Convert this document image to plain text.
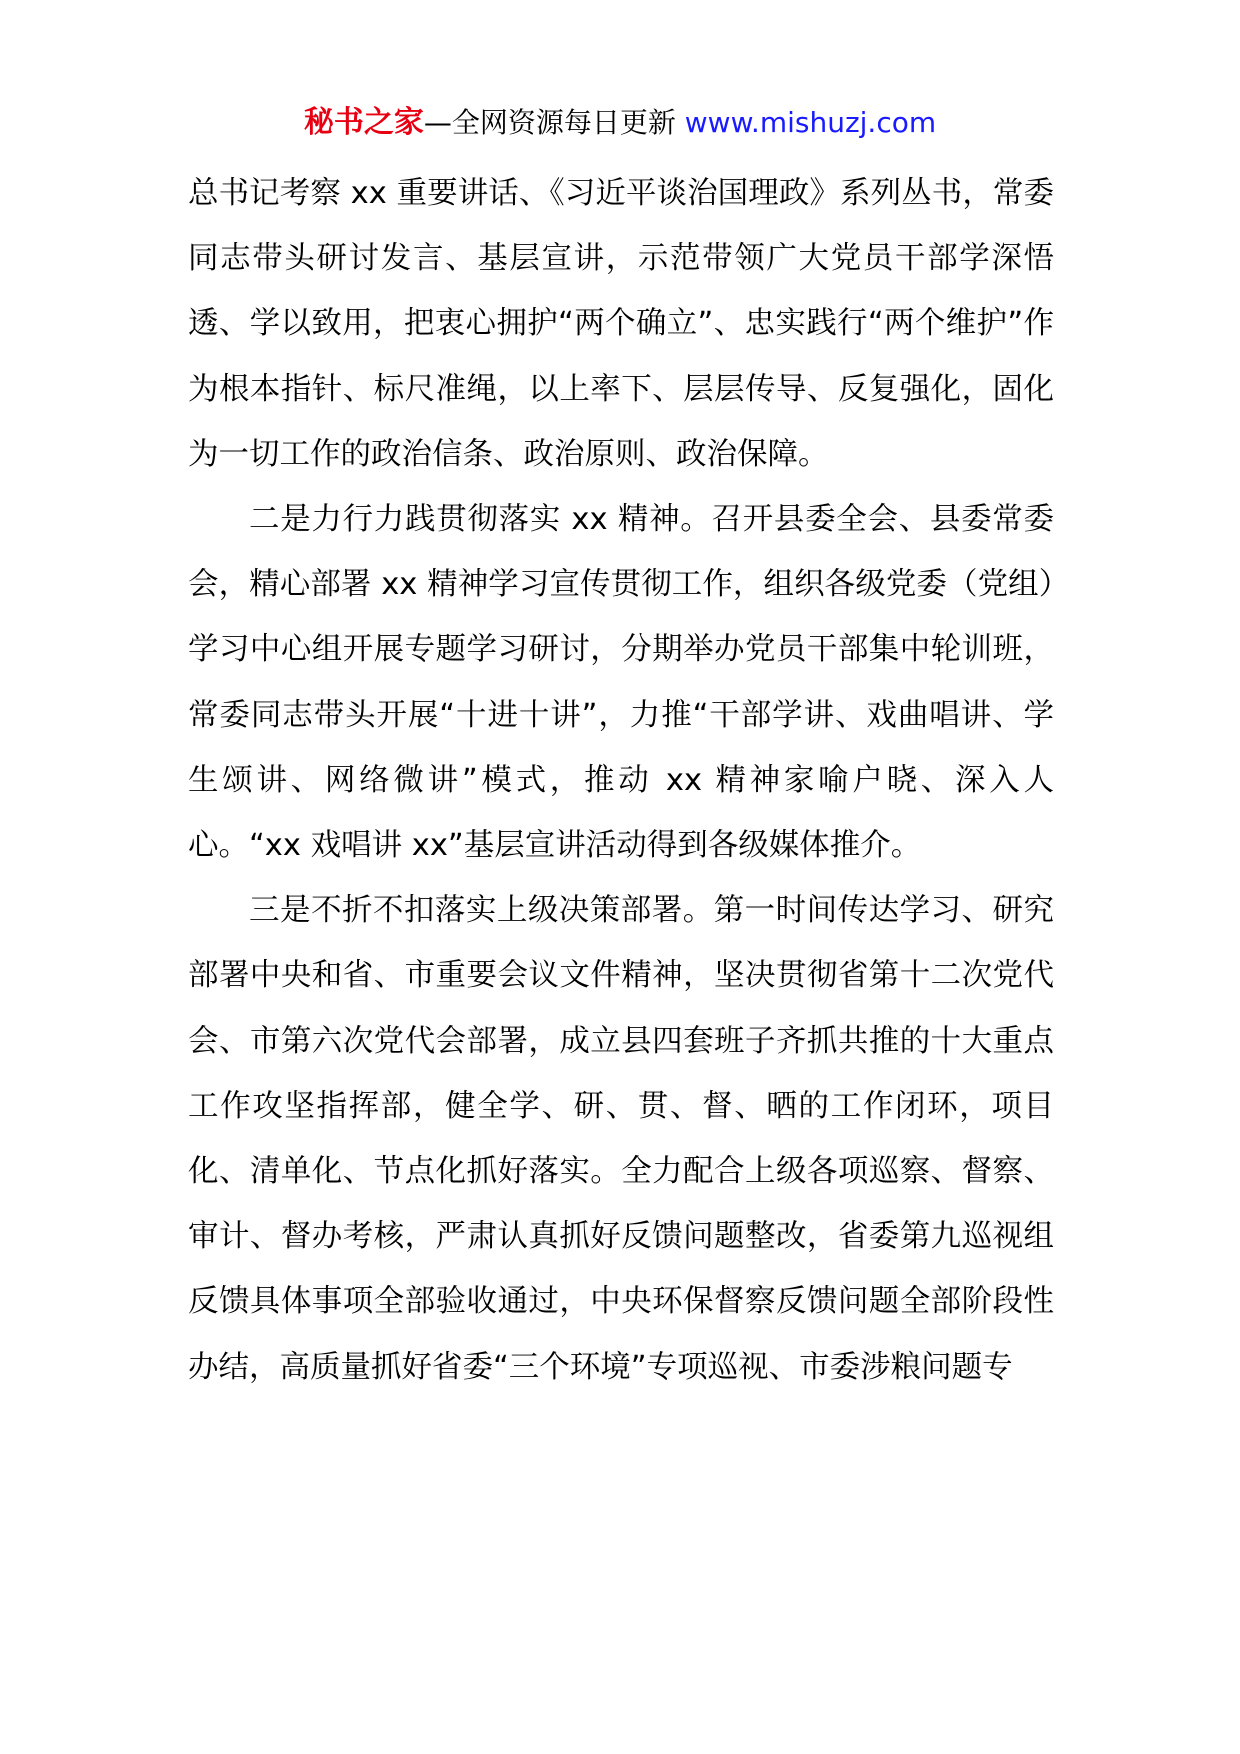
秘书之家—全网资源每日更新 www.mishuzj.com

总书记考察 xx 重要讲话、《习近平谈治国理政》系列丛书，常委同志带头研讨发言、基层宣讲，示范带领广大党员干部学深悟透、学以致用，把衷心拥护“两个确立”、忠实践行“两个维护”作为根本指针、标尺准绳，以上率下、层层传导、反复强化，固化为一切工作的政治信条、政治原则、政治保障。

二是力行力践贯彻落实 xx 精神。召开县委全会、县委常委会，精心部署 xx 精神学习宣传贯彻工作，组织各级党委（党组）学习中心组开展专题学习研讨，分期举办党员干部集中轮训班，常委同志带头开展“十进十讲”，力推“干部学讲、戏曲唱讲、学生颂讲、网络微讲”模式，推动 xx 精神家喻户晓、深入人心。“xx 戏唱讲 xx”基层宣讲活动得到各级媒体推介。

三是不折不扣落实上级决策部署。第一时间传达学习、研究部署中央和省、市重要会议文件精神，坚决贯彻省第十二次党代会、市第六次党代会部署，成立县四套班子齐抓共推的十大重点工作攻坚指挥部，健全学、研、贯、督、晒的工作闭环，项目化、清单化、节点化抓好落实。全力配合上级各项巡察、督察、审计、督办考核，严肃认真抓好反馈问题整改，省委第九巡视组反馈具体事项全部验收通过，中央环保督察反馈问题全部阶段性办结，高质量抓好省委“三个环境”专项巡视、市委涉粮问题专
